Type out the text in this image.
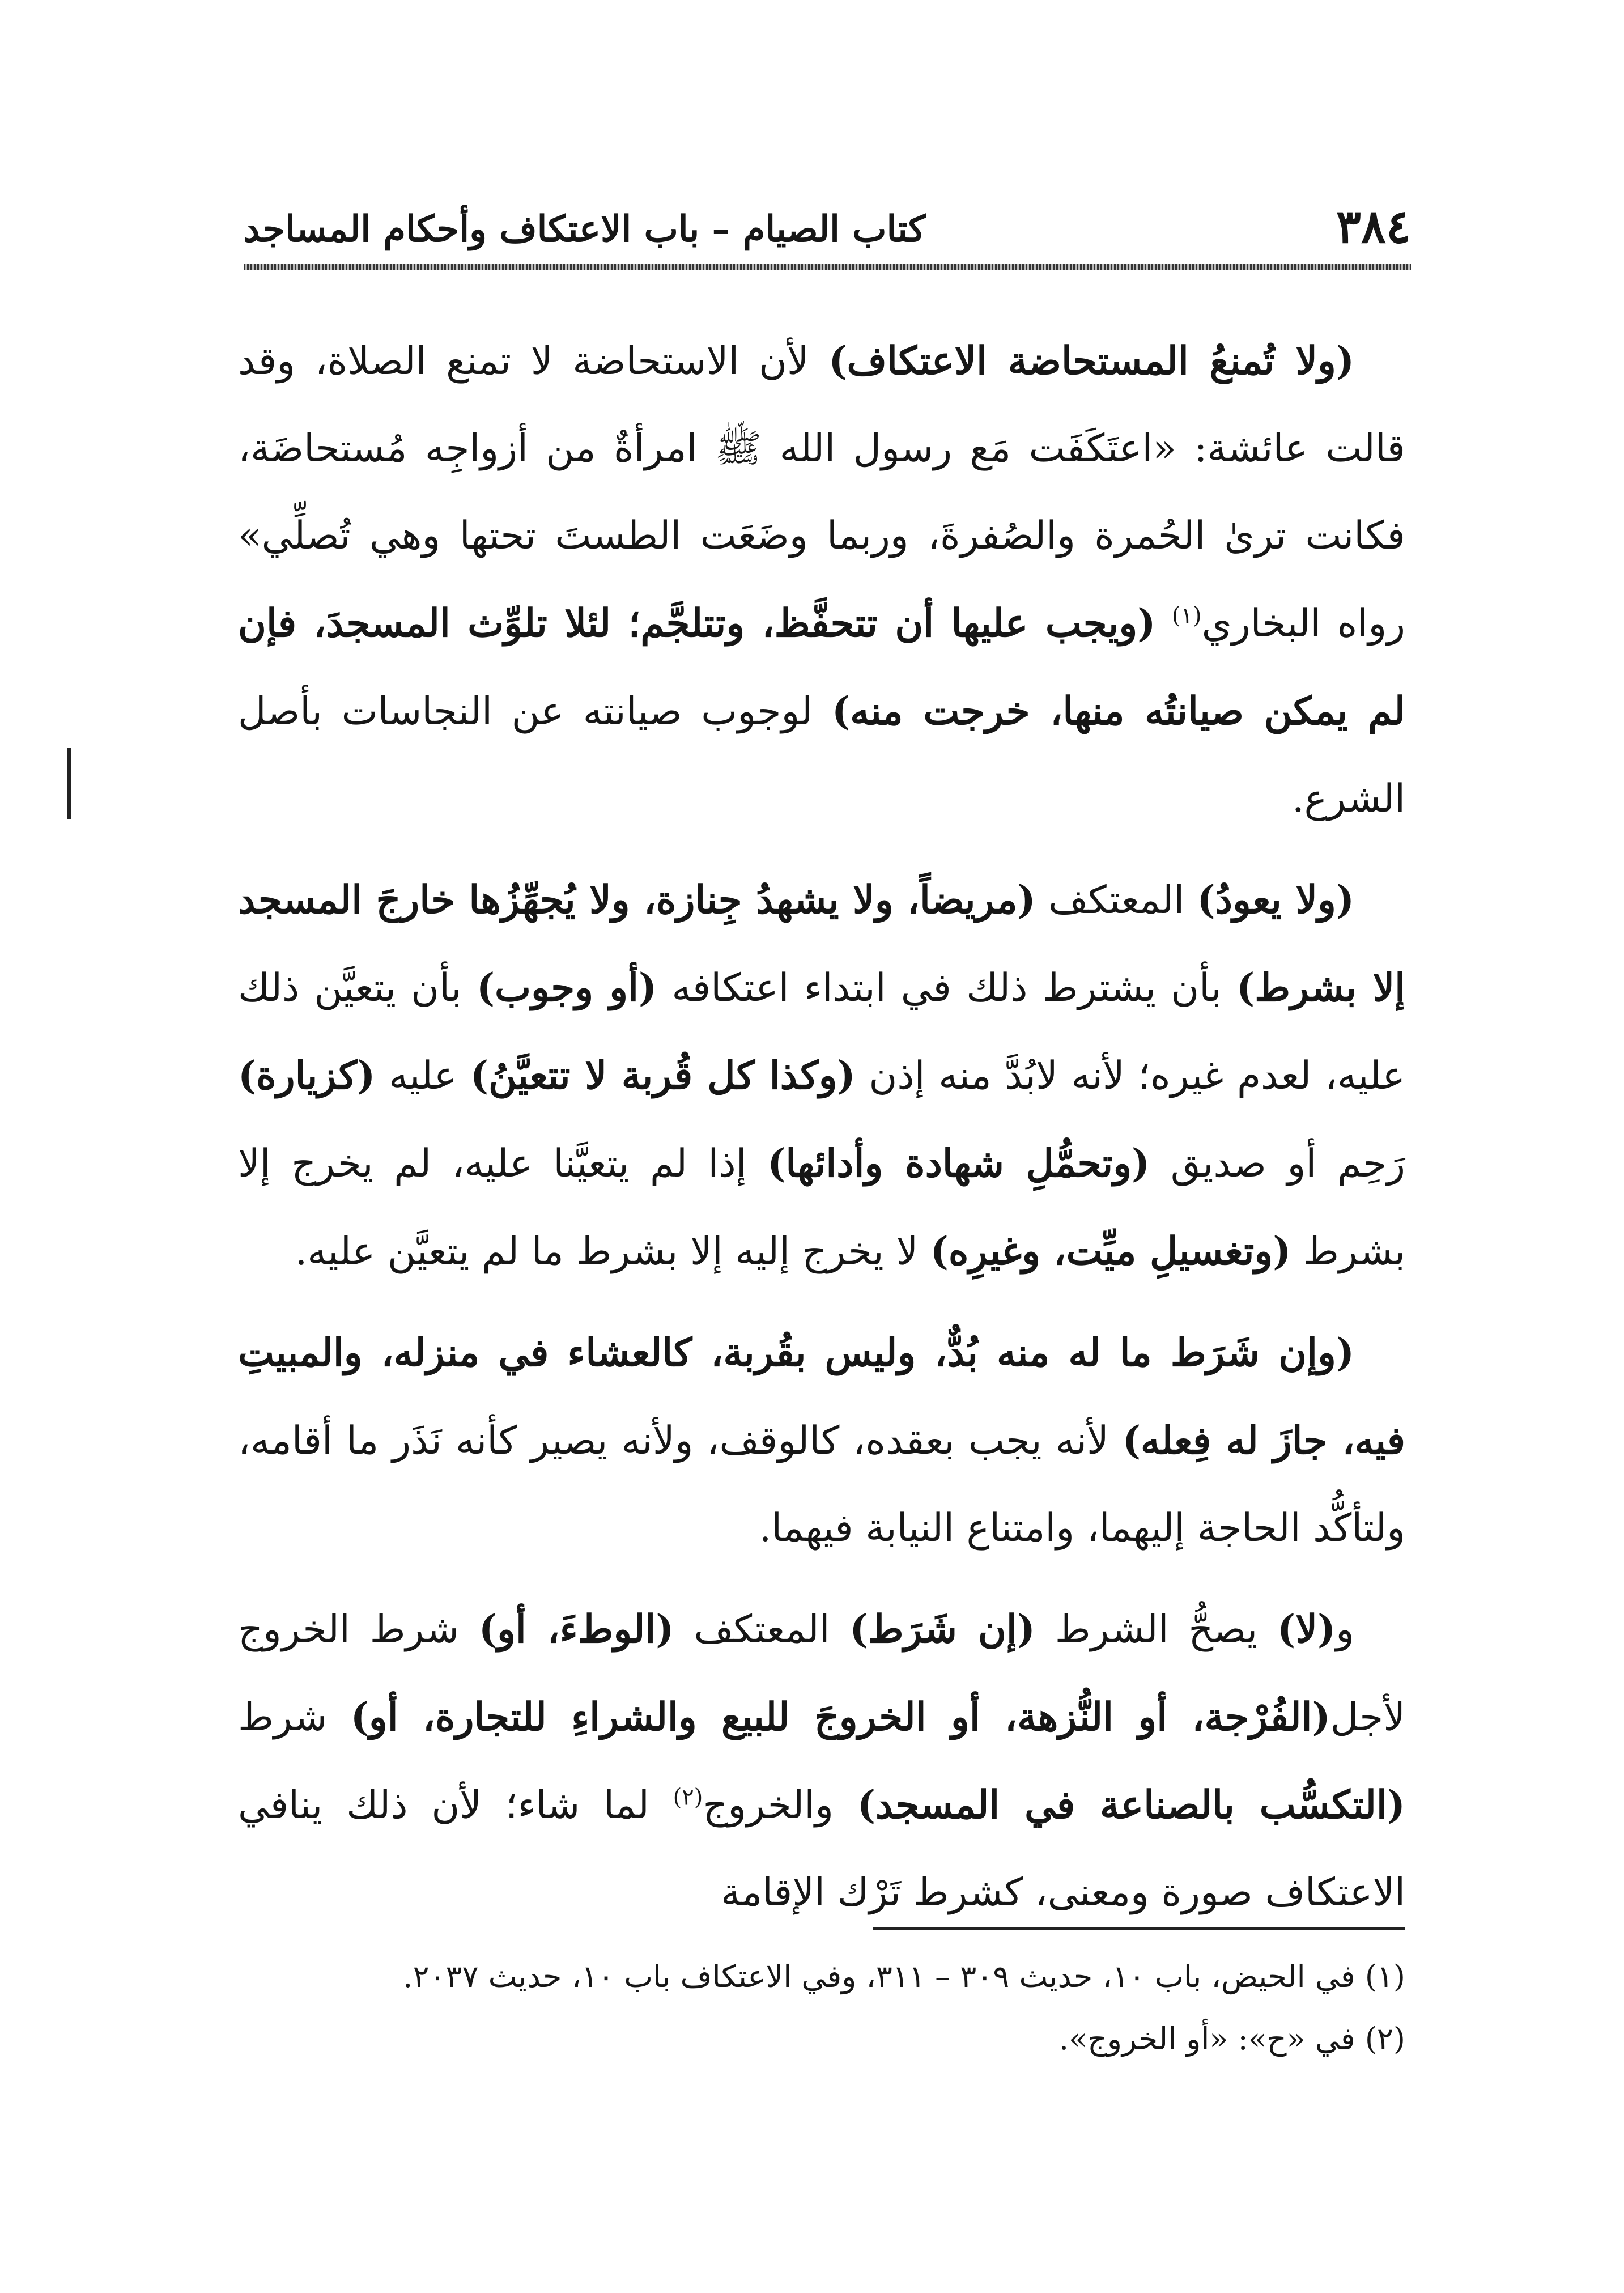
٣٨٤
كتاب الصيام – باب الاعتكاف وأحكام المساجد

(ولا تُمنعُ المستحاضة الاعتكاف) لأن الاستحاضة لا تمنع الصلاة، وقد قالت عائشة: «اعتَكَفَت مَع رسول الله ﷺ امرأةٌ من أزواجِه مُستحاضَة، فكانت ترىٰ الحُمرة والصُفرةَ، وربما وضَعَت الطستَ تحتها وهي تُصلِّي» رواه البخاري$^{(١)}$ (ويجب عليها أن تتحفَّظ، وتتلجَّم؛ لئلا تلوِّث المسجدَ، فإن لم يمكن صيانتُه منها، خرجت منه) لوجوب صيانته عن النجاسات بأصل الشرع.

(ولا يعودُ) المعتكف (مريضاً، ولا يشهدُ جِنازة، ولا يُجهِّزُها خارجَ المسجد إلا بشرط) بأن يشترط ذلك في ابتداء اعتكافه (أو وجوب) بأن يتعيَّن ذلك عليه، لعدم غيره؛ لأنه لابُدَّ منه إذن (وكذا كل قُربة لا تتعيَّنُ) عليه (كزيارة) رَحِم أو صديق (وتحمُّلِ شهادة وأدائها) إذا لم يتعيَّنا عليه، لم يخرج إلا بشرط (وتغسيلِ ميِّت، وغيرِه) لا يخرج إليه إلا بشرط ما لم يتعيَّن عليه.

(وإن شَرَط ما له منه بُدٌّ، وليس بقُربة، كالعشاء في منزله، والمبيتِ فيه، جازَ له فِعله) لأنه يجب بعقده، كالوقف، ولأنه يصير كأنه نَذَر ما أقامه، ولتأكُّد الحاجة إليهما، وامتناع النيابة فيهما.

و(لا) يصحُّ الشرط (إن شَرَط) المعتكف (الوطءَ، أو) شرط الخروج لأجل(الفُرْجة، أو النُّزهة، أو الخروجَ للبيع والشراءِ للتجارة، أو) شرط (التكسُّب بالصناعة في المسجد) والخروج$^{(٢)}$ لما شاء؛ لأن ذلك ينافي الاعتكاف صورة ومعنى، كشرط تَرْك الإقامة

(١) في الحيض، باب ١٠، حديث ٣٠٩ – ٣١١، وفي الاعتكاف باب ١٠، حديث ٢٠٣٧.

(٢) في «ح»: «أو الخروج».
